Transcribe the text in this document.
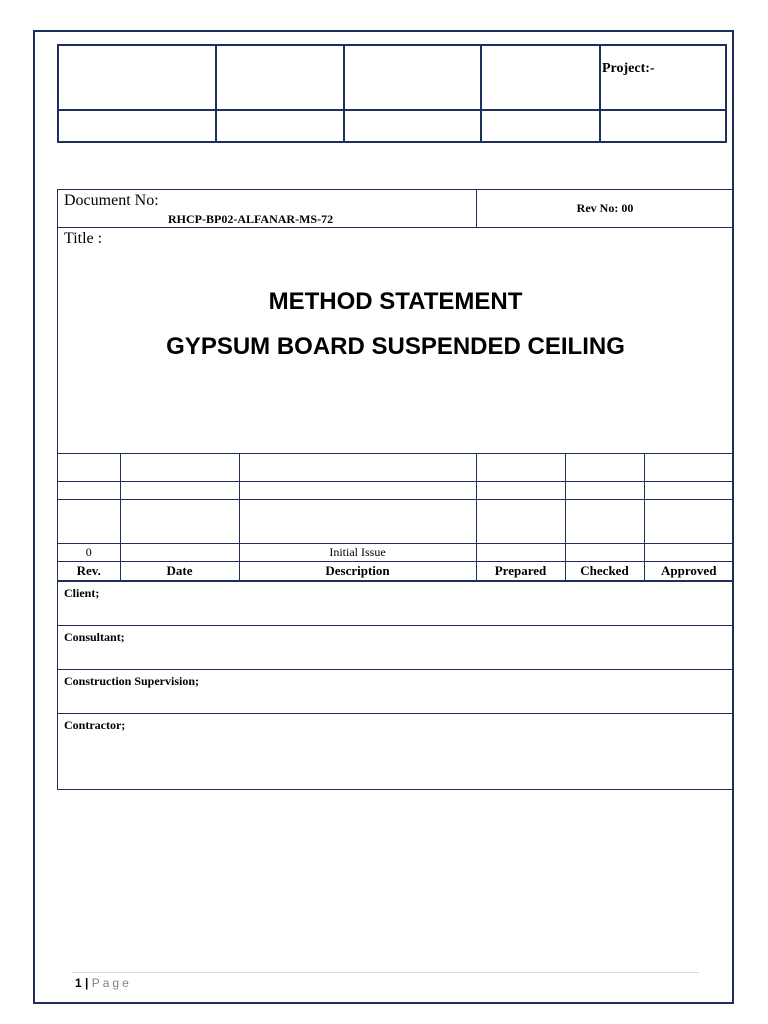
				Project:-

Document No:
RHCP-BP02-ALFANAR-MS-72
Rev No: 00
Title :
METHOD STATEMENT
GYPSUM BOARD SUSPENDED CEILING

0		Initial Issue			
Rev.	Date	Description	Prepared	Checked	Approved
Client;
Consultant;
Construction Supervision;
Contractor;
1 | Page
